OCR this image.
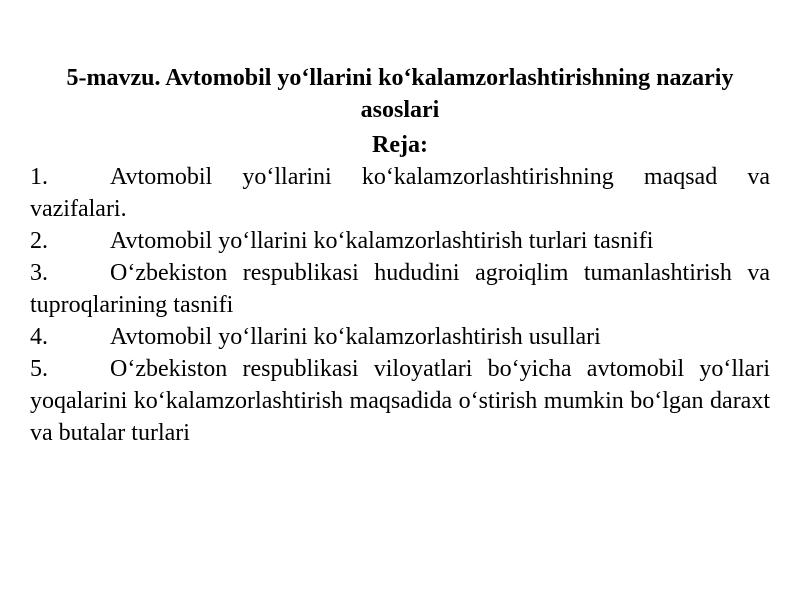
5-mavzu. Avtomobil yo‘llarini ko‘kalamzorlashtirishning nazariy asoslari
Reja:
1.	Avtomobil yo‘llarini ko‘kalamzorlashtirishning maqsad va vazifalari.
2.	Avtomobil yo‘llarini ko‘kalamzorlashtirish turlari tasnifi
3.	O‘zbekiston respublikasi hududini agroiqlim tumanlashtirish va tuproqlarining tasnifi
4.	Avtomobil yo‘llarini ko‘kalamzorlashtirish usullari
5.	O‘zbekiston respublikasi viloyatlari bo‘yicha avtomobil yo‘llari yoqalarini ko‘kalamzorlashtirish maqsadida o‘stirish mumkin bo‘lgan daraxt va butalar turlari
